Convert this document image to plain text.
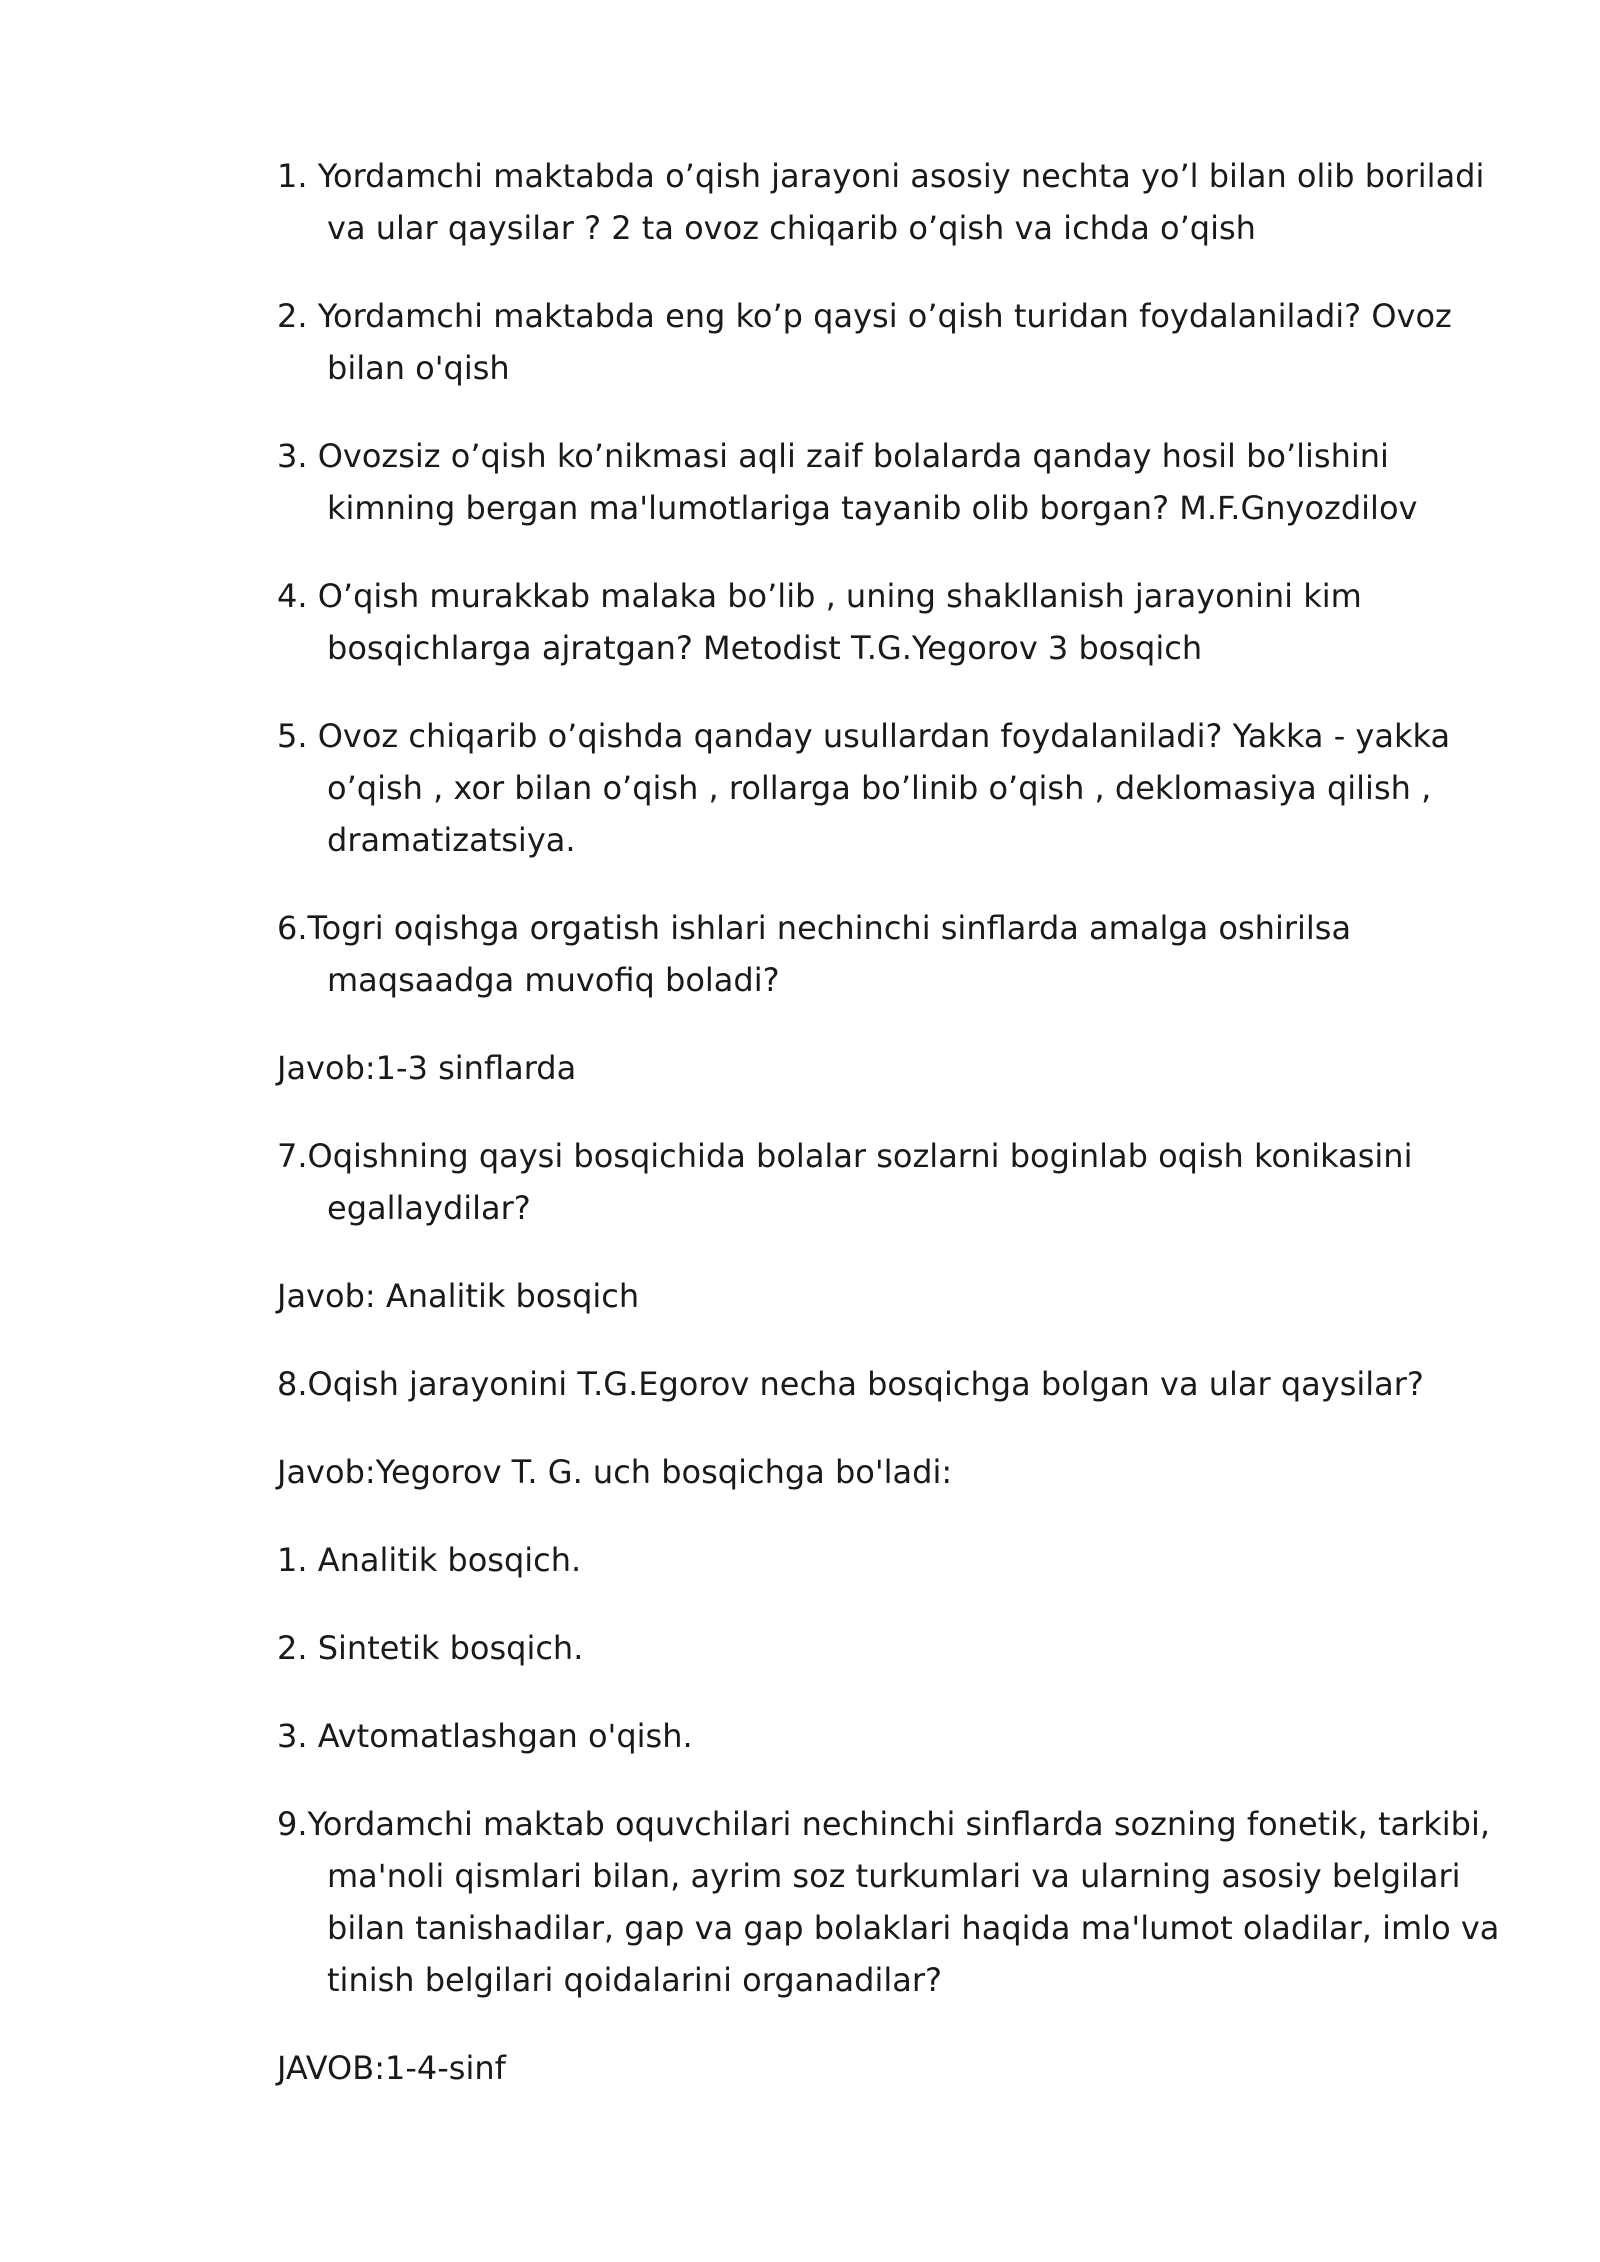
1. Yordamchi maktabda o’qish jarayoni asosiy nechta yo’l bilan olib boriladi va ular qaysilar ? 2 ta ovoz chiqarib o’qish va ichda o’qish

2. Yordamchi maktabda eng ko’p qaysi o’qish turidan foydalaniladi? Ovoz bilan o'qish

3. Ovozsiz o’qish ko’nikmasi aqli zaif bolalarda qanday hosil bo’lishini kimning bergan ma'lumotlariga tayanib olib borgan? M.F.Gnyozdilov

4. O’qish murakkab malaka bo’lib , uning shakllanish jarayonini kim bosqichlarga ajratgan? Metodist T.G.Yegorov 3 bosqich

5. Ovoz chiqarib o’qishda qanday usullardan foydalaniladi? Yakka - yakka o’qish , xor bilan o’qish , rollarga bo’linib o’qish , deklomasiya qilish , dramatizatsiya.

6.Togri oqishga orgatish ishlari nechinchi sinflarda amalga oshirilsa maqsaadga muvofiq boladi?

Javob:1-3 sinflarda

7.Oqishning qaysi bosqichida bolalar sozlarni boginlab oqish konikasini egallaydilar?

Javob: Analitik bosqich

8.Oqish jarayonini T.G.Egorov necha bosqichga bolgan va ular qaysilar?

Javob:Yegorov T. G. uch bosqichga bo'ladi:

1. Analitik bosqich.

2. Sintetik bosqich.

3. Avtomatlashgan o'qish.

9.Yordamchi maktab oquvchilari nechinchi sinflarda sozning fonetik, tarkibi, ma'noli qismlari bilan, ayrim soz turkumlari va ularning asosiy belgilari bilan tanishadilar, gap va gap bolaklari haqida ma'lumot oladilar, imlo va tinish belgilari qoidalarini organadilar?

JAVOB:1-4-sinf
